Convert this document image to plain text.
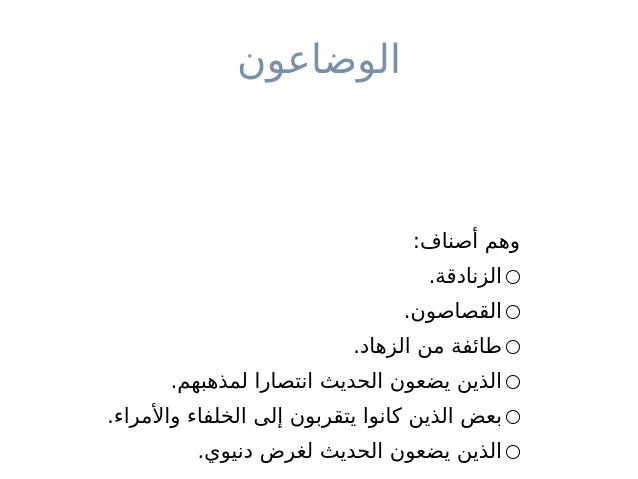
الوضاعون
وهم أصناف:
الزنادقة.
القصاصون.
طائفة من الزهاد.
الذين يضعون الحديث انتصارا لمذهبهم.
بعض الذين كانوا يتقربون إلى الخلفاء والأمراء.
الذين يضعون الحديث لغرض دنيوي.
